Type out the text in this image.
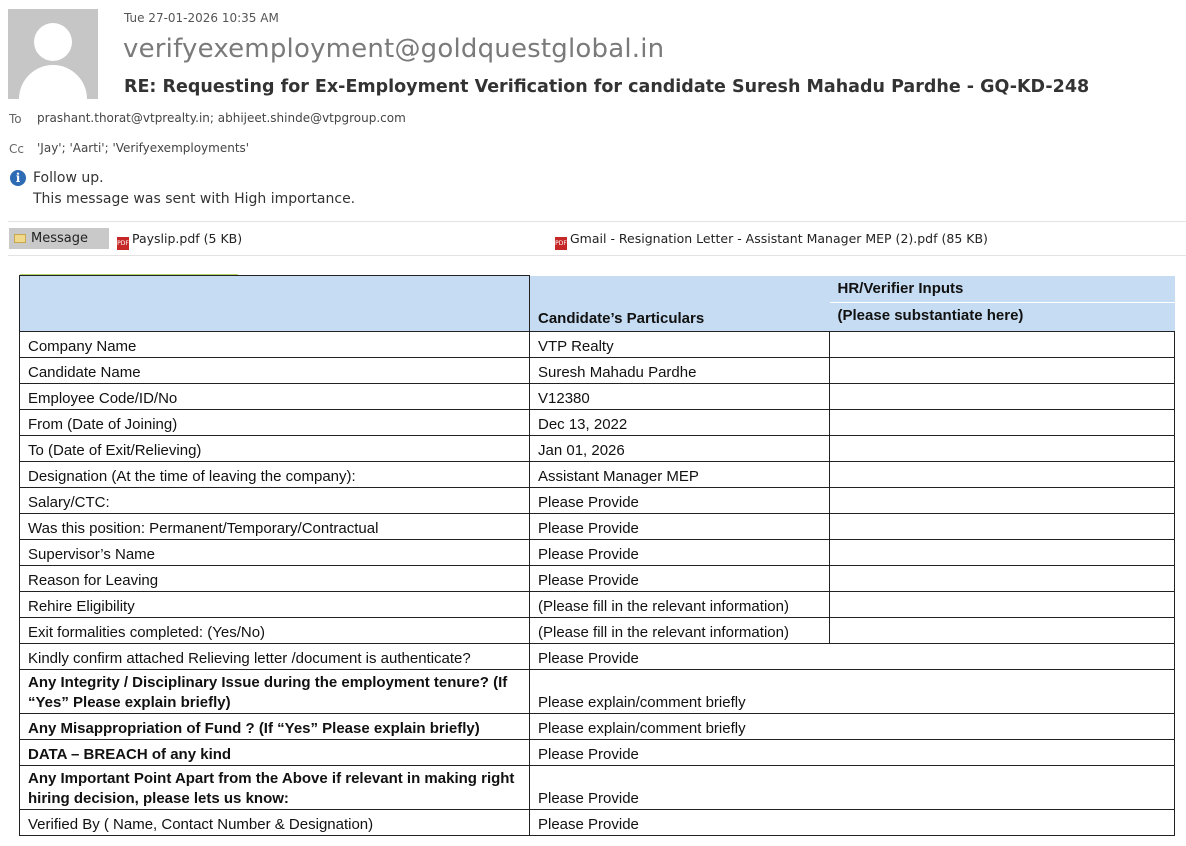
Tue 27-01-2026 10:35 AM
verifyexemployment@goldquestglobal.in
RE: Requesting for Ex-Employment Verification for candidate Suresh Mahadu Pardhe - GQ-KD-248
To prashant.thorat@vtprealty.in; abhijeet.shinde@vtpgroup.com
Cc 'Jay'; 'Aarti'; 'Verifyexemployments'
i Follow up.
This message was sent with High importance.
Message	PDF Payslip.pdf (5 KB)	PDF Gmail - Resignation Letter - Assistant Manager MEP (2).pdf (85 KB)
	Candidate’s Particulars	HR/Verifier Inputs
(Please substantiate here)

Company Name	VTP Realty	
Candidate Name	Suresh Mahadu Pardhe	
Employee Code/ID/No	V12380	
From (Date of Joining)	Dec 13, 2022	
To (Date of Exit/Relieving)	Jan 01, 2026	
Designation (At the time of leaving the company):	Assistant Manager MEP	
Salary/CTC:	Please Provide	
Was this position: Permanent/Temporary/Contractual	Please Provide	
Supervisor’s Name	Please Provide	
Reason for Leaving	Please Provide	
Rehire Eligibility	(Please fill in the relevant information)	
Exit formalities completed: (Yes/No)	(Please fill in the relevant information)	
Kindly confirm attached Relieving letter /document is authenticate?	Please Provide	
Any Integrity / Disciplinary Issue during the employment tenure? (If “Yes” Please explain briefly)	Please explain/comment briefly	
Any Misappropriation of Fund ? (If “Yes” Please explain briefly)	Please explain/comment briefly	
DATA – BREACH of any kind	Please Provide	
Any Important Point Apart from the Above if relevant in making right hiring decision, please lets us know:	Please Provide	
Verified By ( Name, Contact Number & Designation)	Please Provide	
